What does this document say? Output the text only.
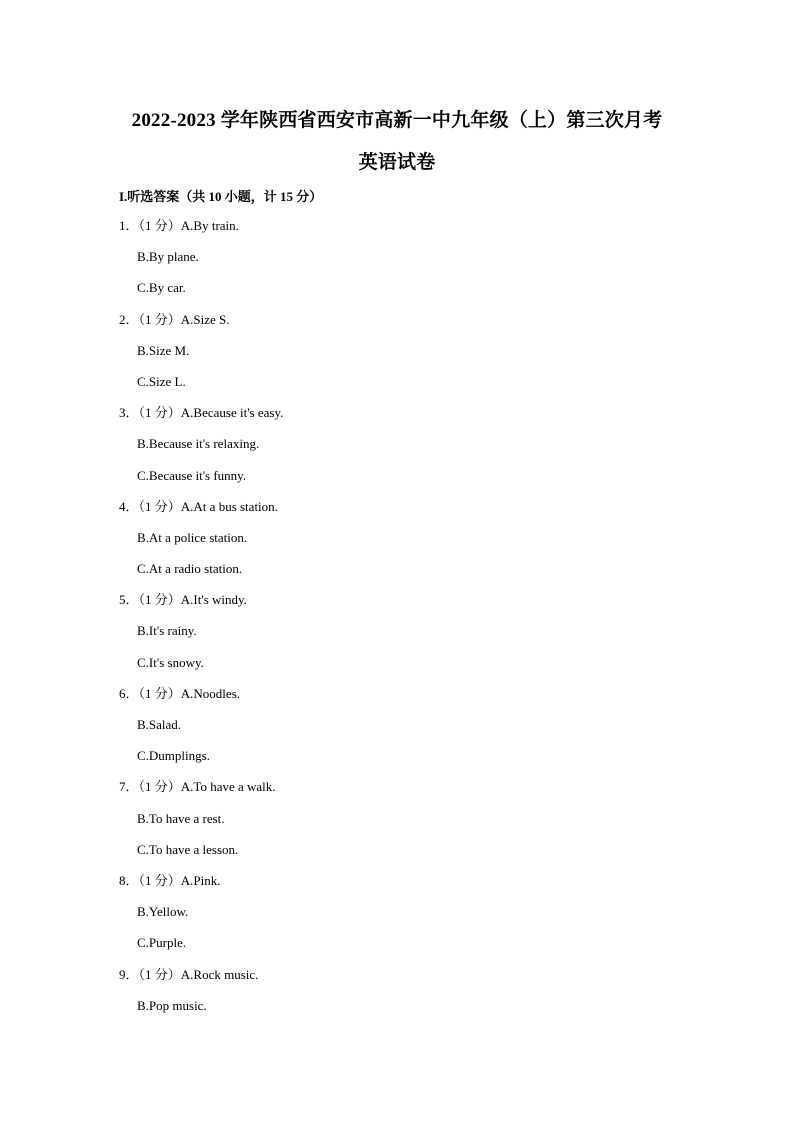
2022-2023 学年陕西省西安市高新一中九年级（上）第三次月考
英语试卷
I.听选答案（共 10 小题，计 15 分）
1．（1 分）A.By train.
B.By plane.
C.By car.
2．（1 分）A.Size S.
B.Size M.
C.Size L.
3．（1 分）A.Because it's easy.
B.Because it's relaxing.
C.Because it's funny.
4．（1 分）A.At a bus station.
B.At a police station.
C.At a radio station.
5．（1 分）A.It's windy.
B.It's rainy.
C.It's snowy.
6．（1 分）A.Noodles.
B.Salad.
C.Dumplings.
7．（1 分）A.To have a walk.
B.To have a rest.
C.To have a lesson.
8．（1 分）A.Pink.
B.Yellow.
C.Purple.
9．（1 分）A.Rock music.
B.Pop music.
